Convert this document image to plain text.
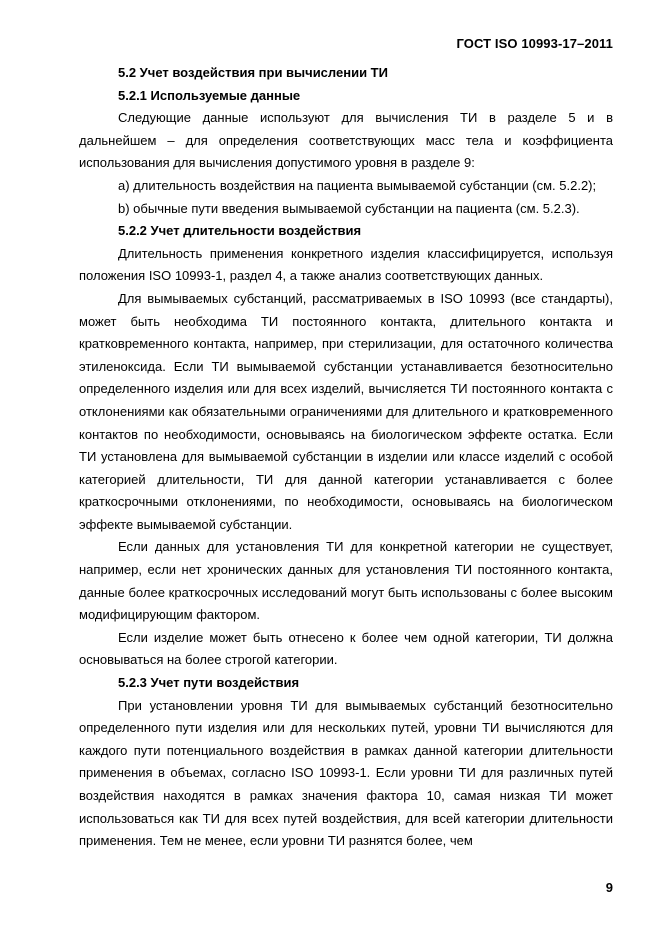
ГОСТ ISO 10993-17–2011

5.2 Учет воздействия при вычислении ТИ

5.2.1 Используемые данные

Следующие данные используют для вычисления ТИ в разделе 5 и в дальнейшем – для определения соответствующих масс тела и коэффициента использования для вычисления допустимого уровня в разделе 9:

a) длительность воздействия на пациента вымываемой субстанции (см. 5.2.2);

b) обычные пути введения вымываемой субстанции на пациента (см. 5.2.3).

5.2.2 Учет длительности воздействия

Длительность применения конкретного изделия классифицируется, используя положения ISO 10993-1, раздел 4, а также анализ соответствующих данных.

Для вымываемых субстанций, рассматриваемых в ISO 10993 (все стандарты), может быть необходима ТИ постоянного контакта, длительного контакта и кратковременного контакта, например, при стерилизации, для остаточного количества этиленоксида. Если ТИ вымываемой субстанции устанавливается безотносительно определенного изделия или для всех изделий, вычисляется ТИ постоянного контакта с отклонениями как обязательными ограничениями для длительного и кратковременного контактов по необходимости, основываясь на биологическом эффекте остатка. Если ТИ установлена для вымываемой субстанции в изделии или классе изделий с особой категорией длительности, ТИ для данной категории устанавливается с более краткосрочными отклонениями, по необходимости, основываясь на биологическом эффекте вымываемой субстанции.

Если данных для установления ТИ для конкретной категории не существует, например, если нет хронических данных для установления ТИ постоянного контакта, данные более краткосрочных исследований могут быть использованы с более высоким модифицирующим фактором.

Если изделие может быть отнесено к более чем одной категории, ТИ должна основываться на более строгой категории.

5.2.3 Учет пути воздействия

При установлении уровня ТИ для вымываемых субстанций безотносительно определенного пути изделия или для нескольких путей, уровни ТИ вычисляются для каждого пути потенциального воздействия в рамках данной категории длительности применения в объемах, согласно ISO 10993-1. Если уровни ТИ для различных путей воздействия находятся в рамках значения фактора 10, самая низкая ТИ может использоваться как ТИ для всех путей воздействия, для всей категории длительности применения. Тем не менее, если уровни ТИ разнятся более, чем

9
